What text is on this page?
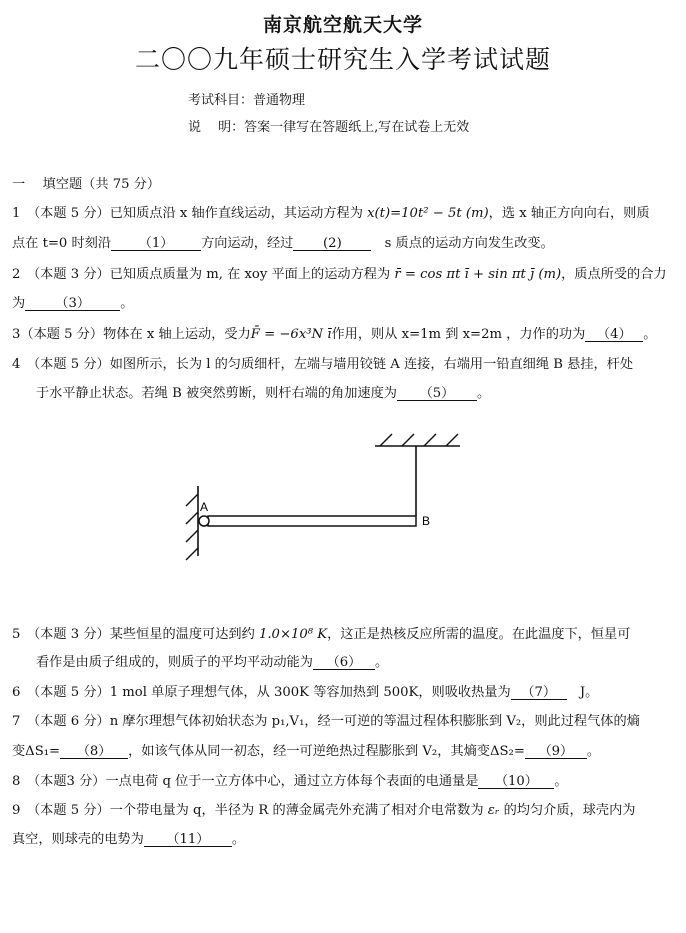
南京航空航天大学
二〇〇九年硕士研究生入学考试试题
考试科目：普通物理
说　 明：答案一律写在答题纸上,写在试卷上无效
一　 填空题（共 75 分）
1　（本题 5 分）已知质点沿 x 轴作直线运动，其运动方程为 x(t)=10t² − 5t (m)，选 x 轴正方向向右，则质
点在 t=0 时刻沿 （1） 方向运动，经过 (2)　	s 质点的运动方向发生改变。
2　（本题 3 分）已知质点质量为 m, 在 xoy 平面上的运动方程为 r̄ = cos πt ī + sin πt j̄ (m)，质点所受的合力
为 （3） 。
3（本题 5 分）物体在 x 轴上运动，受力F̄ = −6x³N ī作用，则从 x=1m 到 x=2m ，力作的功为 （4） 。
4　（本题 5 分）如图所示，长为 l 的匀质细杆，左端与墙用铰链 A 连接，右端用一铅直细绳 B 悬挂，杆处
于水平静止状态。若绳 B 被突然剪断，则杆右端的角加速度为 （5） 。
A
B
5　（本题 3 分）某些恒星的温度可达到约 1.0×10⁸ K，这正是热核反应所需的温度。在此温度下，恒星可
看作是由质子组成的，则质子的平均平动动能为 （6） 。
6　（本题 5 分）1 mol 单原子理想气体，从 300K 等容加热到 500K，则吸收热量为 （7）　 J。
7　（本题 6 分）n 摩尔理想气体初始状态为 p₁,V₁，经一可逆的等温过程体积膨胀到 V₂，则此过程气体的熵
变ΔS₁= （8） ，如该气体从同一初态，经一可逆绝热过程膨胀到 V₂，其熵变ΔS₂= （9） 。
8　（本题3 分）一点电荷 q 位于一立方体中心，通过立方体每个表面的电通量是 （10） 。
9　（本题 5 分）一个带电量为 q，半径为 R 的薄金属壳外充满了相对介电常数为 εᵣ 的均匀介质，球壳内为
真空，则球壳的电势为 （11） 。
